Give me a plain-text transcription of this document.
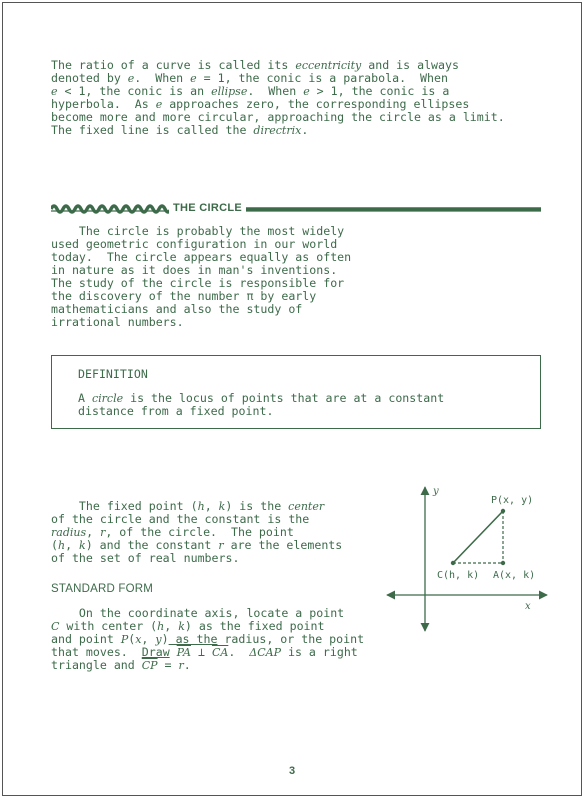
The ratio of a curve is called its eccentricity and is always
denoted by e.  When e = 1, the conic is a parabola.  When
e < 1, the conic is an ellipse.  When e > 1, the conic is a
hyperbola.  As e approaches zero, the corresponding ellipses
become more and more circular, approaching the circle as a limit.
The fixed line is called the directrix.

THE CIRCLE

The circle is probably the most widely
used geometric configuration in our world
today.  The circle appears equally as often
in nature as it does in man's inventions.
The study of the circle is responsible for
the discovery of the number π by early
mathematicians and also the study of
irrational numbers.

DEFINITION

A circle is the locus of points that are at a constant
distance from a fixed point.

The fixed point (h, k) is the center
of the circle and the constant is the
radius, r, of the circle.  The point
(h, k) and the constant r are the elements
of the set of real numbers.

STANDARD FORM

On the coordinate axis, locate a point
C with center (h, k) as the fixed point
and point P(x, y) as the radius, or the point
that moves.  Draw $\overline{PA}$ ⊥ $\overline{CA}$.  ΔCAP is a right
triangle and $\overline{CP} = r$.

y
x
P(x, y)
C(h, k) A(x, k)
3
